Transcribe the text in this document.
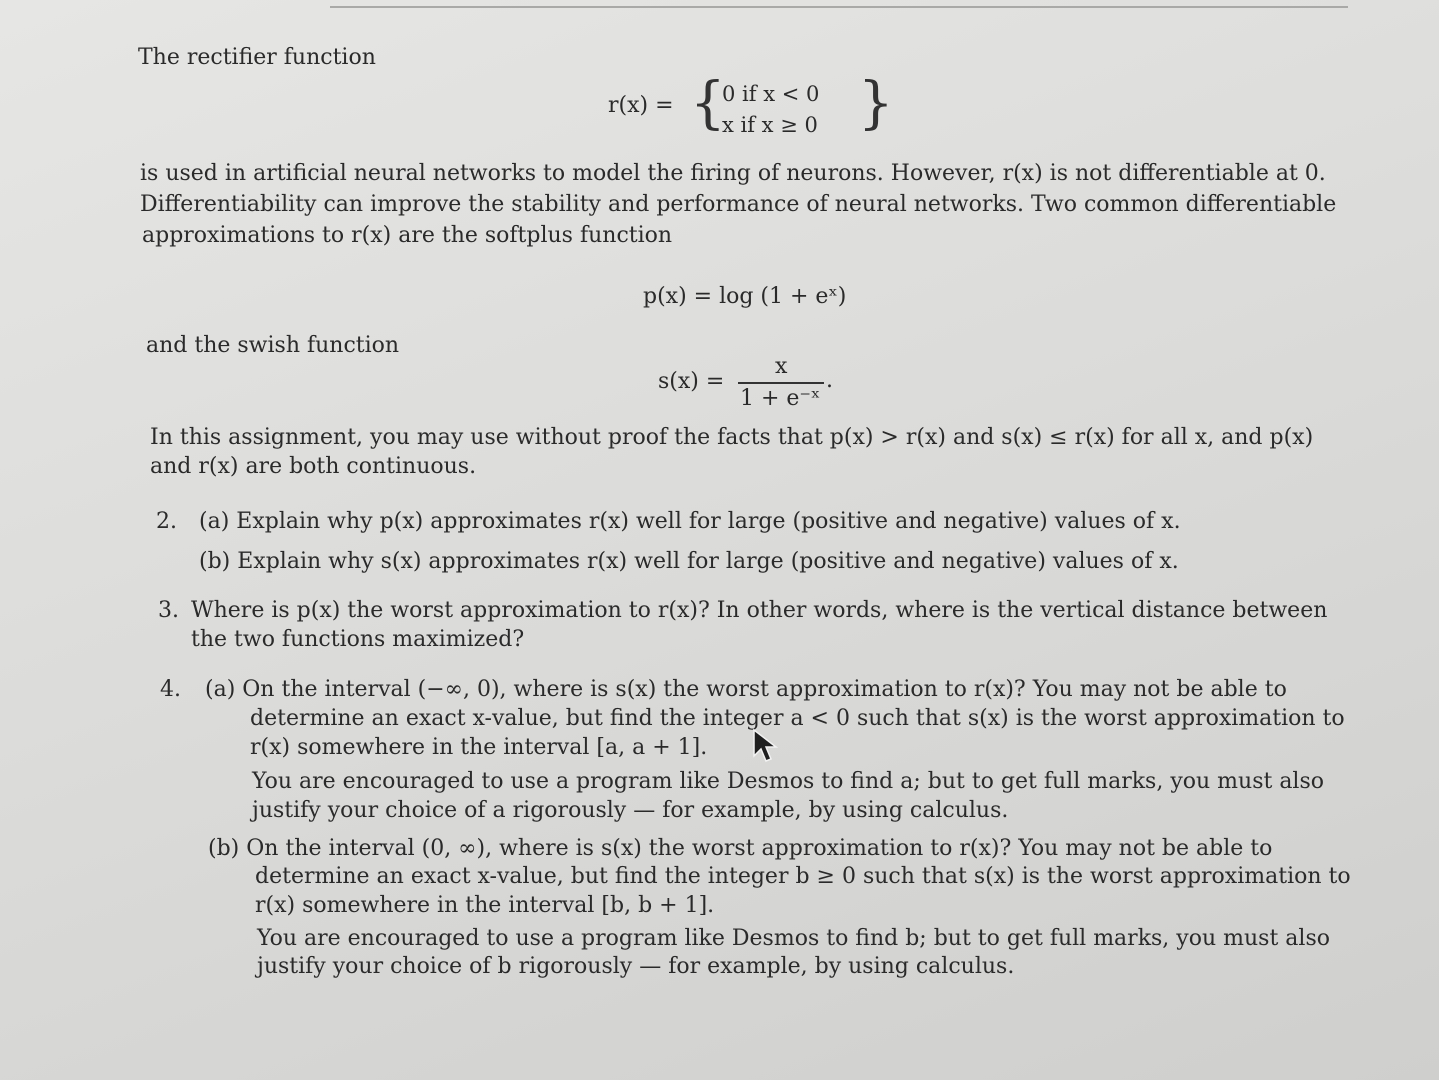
The rectifier function
r(x) = {
0 if x < 0
x if x ≥ 0 }
is used in artificial neural networks to model the firing of neurons. However, r(x) is not differentiable at 0.
Differentiability can improve the stability and performance of neural networks. Two common differentiable
approximations to r(x) are the softplus function
p(x) = log (1 + eˣ)
and the swish function
s(x) =
x
1 + e⁻ˣ
.
In this assignment, you may use without proof the facts that p(x) > r(x) and s(x) ≤ r(x) for all x, and p(x)
and r(x) are both continuous.
2. (a) Explain why p(x) approximates r(x) well for large (positive and negative) values of x.
(b) Explain why s(x) approximates r(x) well for large (positive and negative) values of x.
3. Where is p(x) the worst approximation to r(x)? In other words, where is the vertical distance between
the two functions maximized?
4. (a) On the interval (−∞, 0), where is s(x) the worst approximation to r(x)? You may not be able to
determine an exact x-value, but find the integer a < 0 such that s(x) is the worst approximation to
r(x) somewhere in the interval [a, a + 1].
You are encouraged to use a program like Desmos to find a; but to get full marks, you must also
justify your choice of a rigorously — for example, by using calculus.
(b) On the interval (0, ∞), where is s(x) the worst approximation to r(x)? You may not be able to
determine an exact x-value, but find the integer b ≥ 0 such that s(x) is the worst approximation to
r(x) somewhere in the interval [b, b + 1].
You are encouraged to use a program like Desmos to find b; but to get full marks, you must also
justify your choice of b rigorously — for example, by using calculus.
